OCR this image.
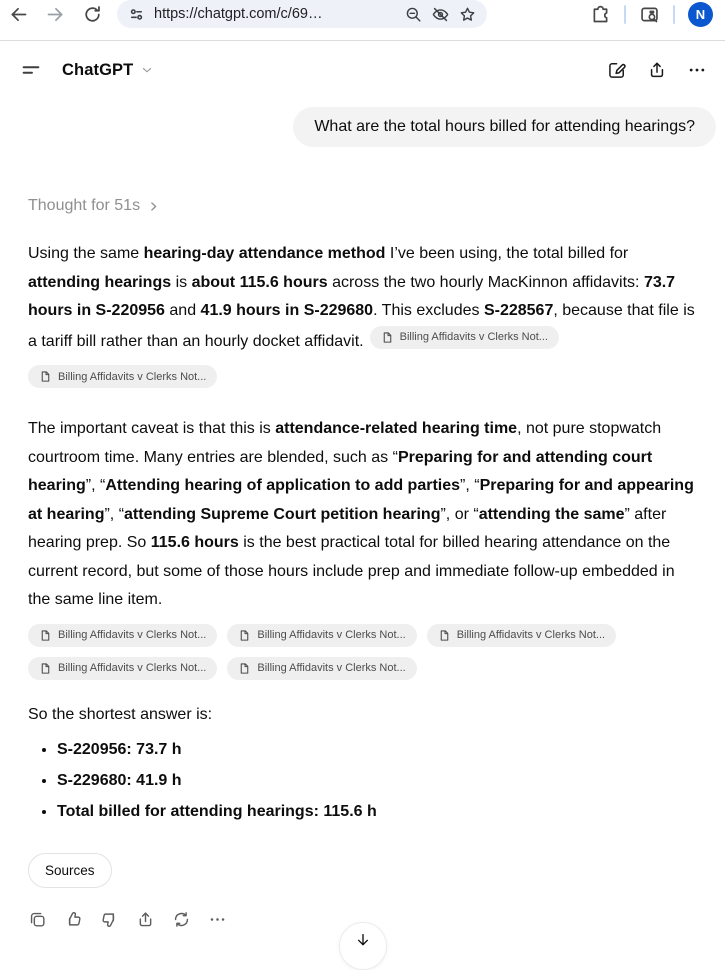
https://chatgpt.com/c/69…	N
ChatGPT
What are the total hours billed for attending hearings?
Thought for 51s
Using the same hearing-day attendance method I’ve been using, the total billed for attending hearings is about 115.6 hours across the two hourly MacKinnon affidavits: 73.7 hours in S-220956 and 41.9 hours in S-229680. This excludes S-228567, because that file is a tariff bill rather than an hourly docket affidavit.	Billing Affidavits v Clerks Not...
Billing Affidavits v Clerks Not...
The important caveat is that this is attendance-related hearing time, not pure stopwatch courtroom time. Many entries are blended, such as “Preparing for and attending court hearing”, “Attending hearing of application to add parties”, “Preparing for and appearing at hearing”, “attending Supreme Court petition hearing”, or “attending the same” after hearing prep. So 115.6 hours is the best practical total for billed hearing attendance on the current record, but some of those hours include prep and immediate follow-up embedded in the same line item.
Billing Affidavits v Clerks Not...	Billing Affidavits v Clerks Not...	Billing Affidavits v Clerks Not...
Billing Affidavits v Clerks Not...	Billing Affidavits v Clerks Not...
So the shortest answer is:
• S-220956: 73.7 h
• S-229680: 41.9 h
• Total billed for attending hearings: 115.6 h
Sources
